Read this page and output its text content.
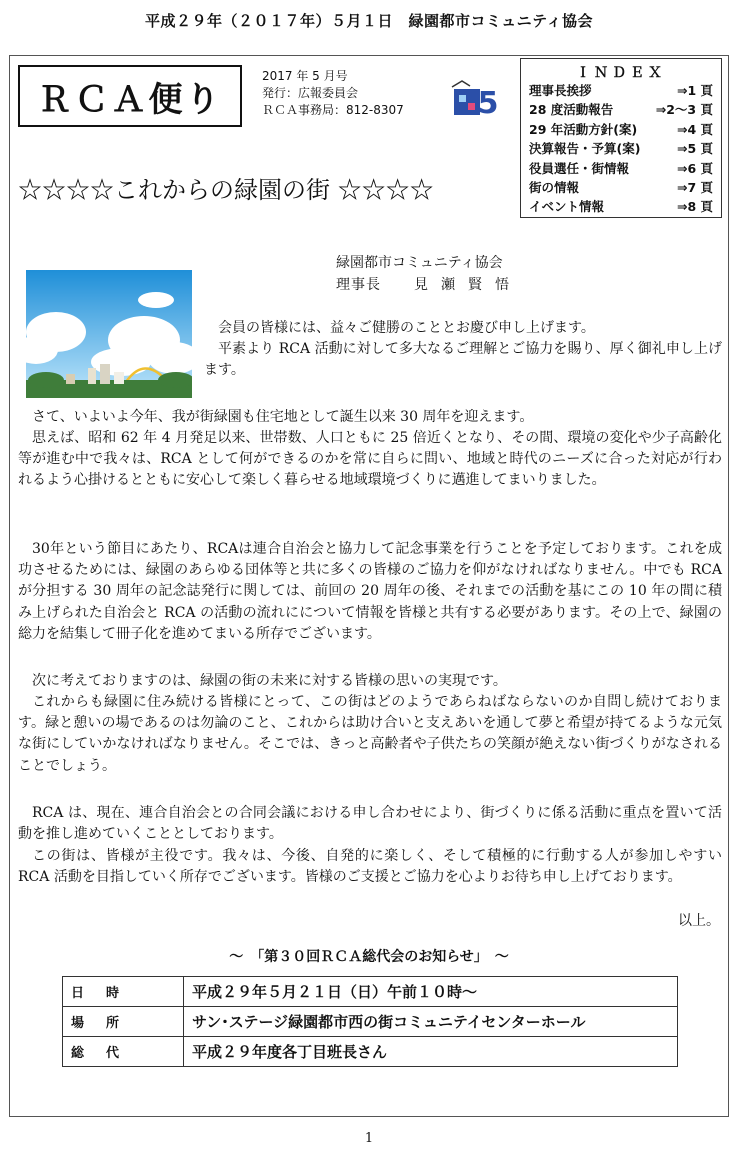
平成２９年（２０１７年）５月１日　緑園都市コミュニティ協会
ＲＣＡ便り
2017 年 5 月号
発行：広報委員会
ＲＣＡ事務局：812-8307 5
ＩＮＤＥＸ
理事長挨拶	⇒1 頁
28 度活動報告	⇒2～3 頁
29 年活動方針(案)	⇒4 頁
決算報告・予算(案)	⇒5 頁
役員選任・街情報	⇒6 頁
街の情報	⇒7 頁
イベント情報	⇒8 頁
☆☆☆☆これからの緑園の街 ☆☆☆☆
緑園都市コミュニティ協会
理事長 見瀬賢悟

会員の皆様には、益々ご健勝のこととお慶び申し上げます。

平素より RCA 活動に対して多大なるご理解とご協力を賜り、厚く御礼申し上げます。

さて、いよいよ今年、我が街緑園も住宅地として誕生以来 30 周年を迎えます。

思えば、昭和 62 年 4 月発足以来、世帯数、人口ともに 25 倍近くとなり、その間、環境の変化や少子高齢化等が進む中で我々は、RCA として何ができるのかを常に自らに問い、地域と時代のニーズに合った対応が行われるよう心掛けるとともに安心して楽しく暮らせる地域環境づくりに邁進してまいりました。

30年という節目にあたり、RCAは連合自治会と協力して記念事業を行うことを予定しております。これを成功させるためには、緑園のあらゆる団体等と共に多くの皆様のご協力を仰がなければなりません。中でも RCA が分担する 30 周年の記念誌発行に関しては、前回の 20 周年の後、それまでの活動を基にこの 10 年の間に積み上げられた自治会と RCA の活動の流れにについて情報を皆様と共有する必要があります。その上で、緑園の総力を結集して冊子化を進めてまいる所存でございます。

次に考えておりますのは、緑園の街の未来に対する皆様の思いの実現です。

これからも緑園に住み続ける皆様にとって、この街はどのようであらねばならないのか自問し続けております。緑と憩いの場であるのは勿論のこと、これからは助け合いと支えあいを通して夢と希望が持てるような元気な街にしていかなければなりません。そこでは、きっと高齢者や子供たちの笑顔が絶えない街づくりがなされることでしょう。

RCA は、現在、連合自治会との合同会議における申し合わせにより、街づくりに係る活動に重点を置いて活動を推し進めていくこととしております。

この街は、皆様が主役です。我々は、今後、自発的に楽しく、そして積極的に行動する人が参加しやすい RCA 活動を目指していく所存でございます。皆様のご支援とご協力を心よりお待ち申し上げております。

以上。
～　「第３０回ＲＣＡ総代会のお知らせ」　～
日時	平成２９年５月２１日（日）午前１０時～
場所	サン･ステージ緑園都市西の街コミュニテイセンターホール
総代	平成２９年度各丁目班長さん
1
